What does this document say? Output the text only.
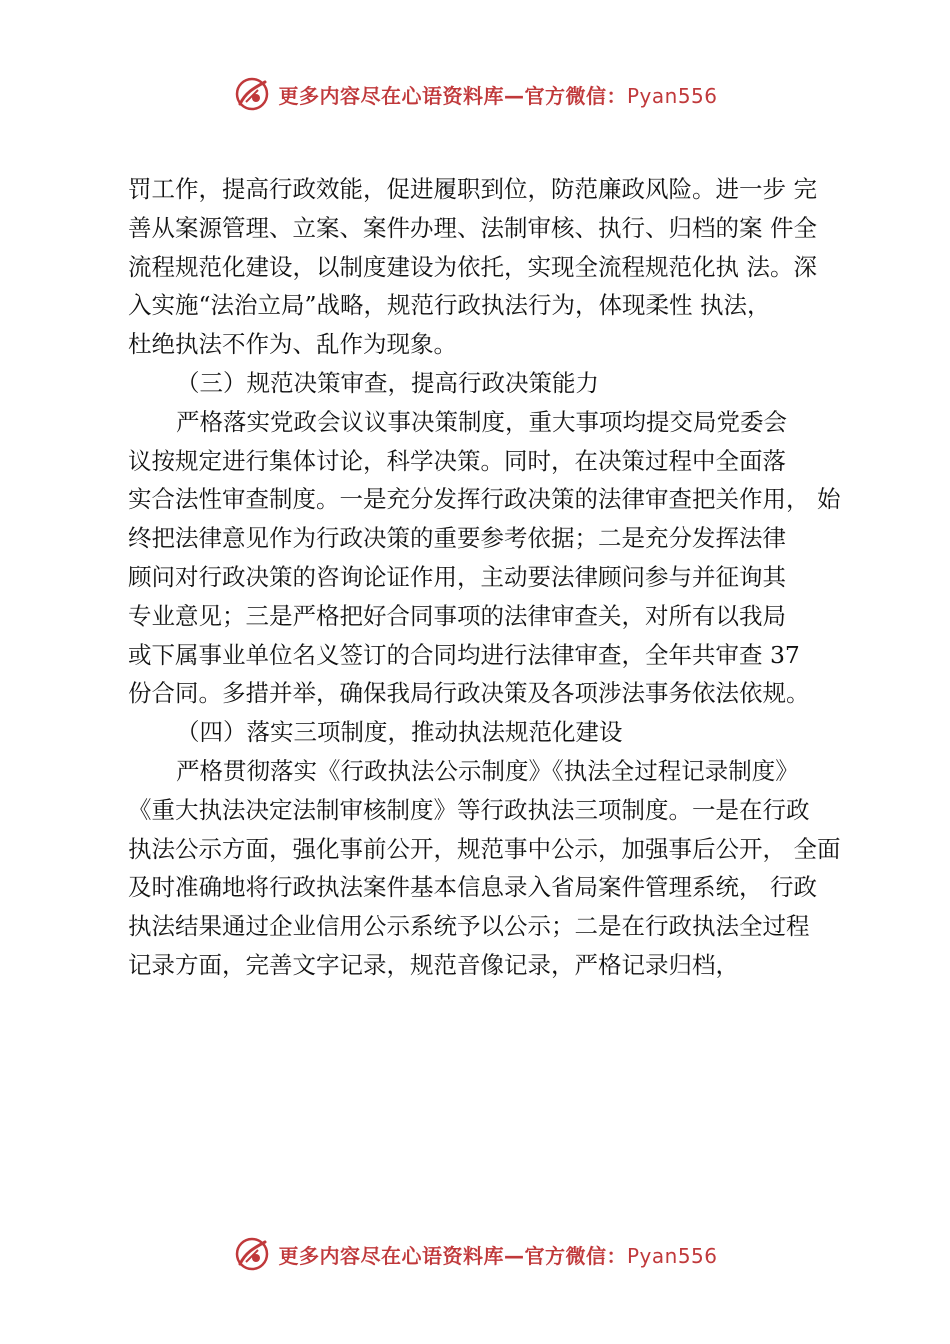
更多内容尽在心语资料库—官方微信：Pyan556
罚工作，提高行政效能，促进履职到位，防范廉政风险。进一步 完
善从案源管理、立案、案件办理、法制审核、执行、归档的案 件全
流程规范化建设，以制度建设为依托，实现全流程规范化执 法。深
入实施“法治立局”战略，规范行政执法行为，体现柔性 执法，
杜绝执法不作为、乱作为现象。
（三）规范决策审查，提高行政决策能力
严格落实党政会议议事决策制度，重大事项均提交局党委会
议按规定进行集体讨论，科学决策。同时，在决策过程中全面落
实合法性审查制度。一是充分发挥行政决策的法律审查把关作用， 始
终把法律意见作为行政决策的重要参考依据；二是充分发挥法律
顾问对行政决策的咨询论证作用，主动要法律顾问参与并征询其
专业意见；三是严格把好合同事项的法律审查关，对所有以我局
或下属事业单位名义签订的合同均进行法律审查，全年共审查 37
份合同。多措并举，确保我局行政决策及各项涉法事务依法依规。
（四）落实三项制度，推动执法规范化建设
严格贯彻落实《行政执法公示制度》《执法全过程记录制度》
《重大执法决定法制审核制度》等行政执法三项制度。一是在行政
执法公示方面，强化事前公开，规范事中公示，加强事后公开， 全面
及时准确地将行政执法案件基本信息录入省局案件管理系统， 行政
执法结果通过企业信用公示系统予以公示；二是在行政执法全过程
记录方面，完善文字记录，规范音像记录，严格记录归档，
更多内容尽在心语资料库—官方微信：Pyan556
